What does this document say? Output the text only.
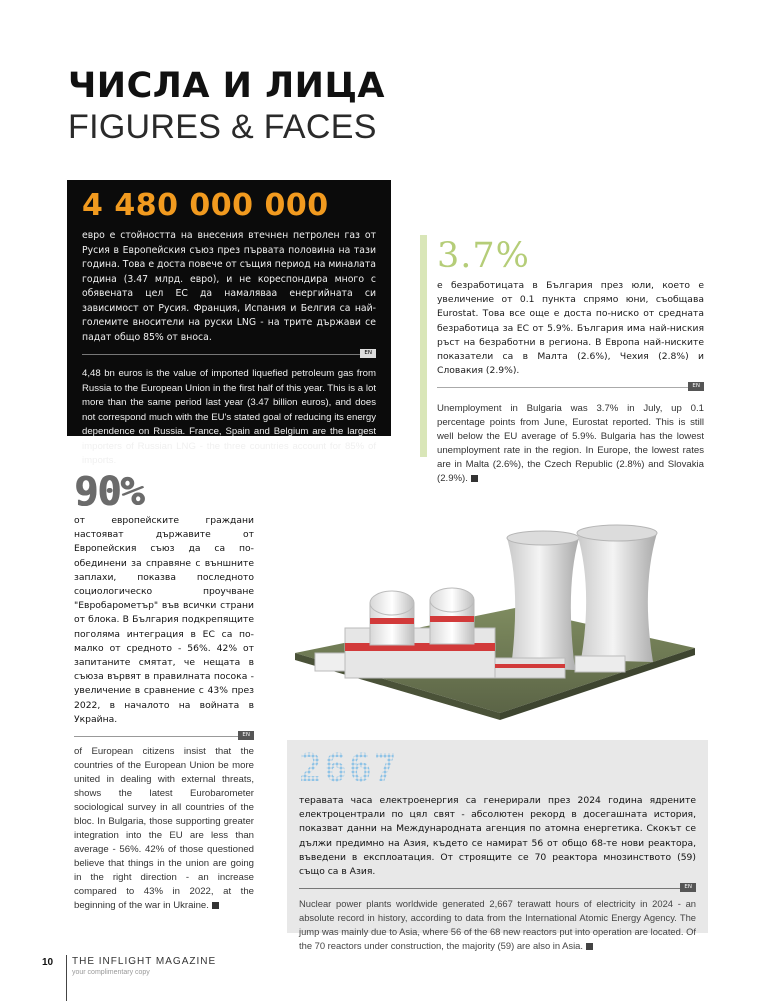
ЧИСЛА И ЛИЦА
FIGURES & FACES
4 480 000 000
евро е стойността на внесения втечнен петролен газ от Русия в Европейския съюз през първата половина на тази година. Това е доста повече от същия период на миналата година (3.47 млрд. евро), и не кореспондира много с обявената цел ЕС да намаляваа енергийната си зависимост от Русия. Франция, Испания и Белгия са най-големите вносители на руски LNG - на трите държави се падат общо 85% от вноса.
EN
4,48 bn euros is the value of imported liquefied petroleum gas from Russia to the European Union in the first half of this year. This is a lot more than the same period last year (3.47 billion euros), and does not correspond much with the EU's stated goal of reducing its energy dependence on Russia. France, Spain and Belgium are the largest importers of Russian LNG - the three countries account for 85% of imports.
3.7%
е безработицата в България през юли, което е увеличение от 0.1 пункта спрямо юни, съобщава Eurostat. Това все още е доста по-ниско от средната безработица за ЕС от 5.9%. България има най-ниския ръст на безработни в региона. В Европа най-ниските показатели са в Малта (2.6%), Чехия (2.8%) и Словакия (2.9%).
EN
Unemployment in Bulgaria was 3.7% in July, up 0.1 percentage points from June, Eurostat reported. This is still well below the EU average of 5.9%. Bulgaria has the lowest unemployment rate in the region. In Europe, the lowest rates are in Malta (2.6%), the Czech Republic (2.8%) and Slovakia (2.9%).
90%
от европейските граждани настояват държавите от Европейския съюз да са по-обединени за справяне с външните заплахи, показва последното социологическо проучване "Евробарометър" във всички страни от блока. В България подкрепящите поголяма интеграция в ЕС са по-малко от средното - 56%. 42% от запитаните смятат, че нещата в съюза вървят в правилната посока - увеличение в сравнение с 43% през 2022, в началото на войната в Украйна.
EN
of European citizens insist that the countries of the European Union be more united in dealing with external threats, shows the latest Eurobarometer sociological survey in all countries of the bloc. In Bulgaria, those supporting greater integration into the EU are less than average - 56%. 42% of those questioned believe that things in the union are going in the right direction - an increase compared to 43% in 2022, at the beginning of the war in Ukraine.
2667
теравата часа електроенергия са генерирали през 2024 година ядрените електроцентрали по цял свят - абсолютен рекорд в досегашната история, показват данни на Международната агенция по атомна енергетика. Скокът се дължи предимно на Азия, където се намират 56 от общо 68-те нови реактора, въведени в експлоатация. От строящите се 70 реактора мнозинството (59) също са в Азия.
EN
Nuclear power plants worldwide generated 2,667 terawatt hours of electricity in 2024 - an absolute record in history, according to data from the International Atomic Energy Agency. The jump was mainly due to Asia, where 56 of the 68 new reactors put into operation are located. Of the 70 reactors under construction, the majority (59) are also in Asia.
10 THE INFLIGHT MAGAZINE
your complimentary copy
